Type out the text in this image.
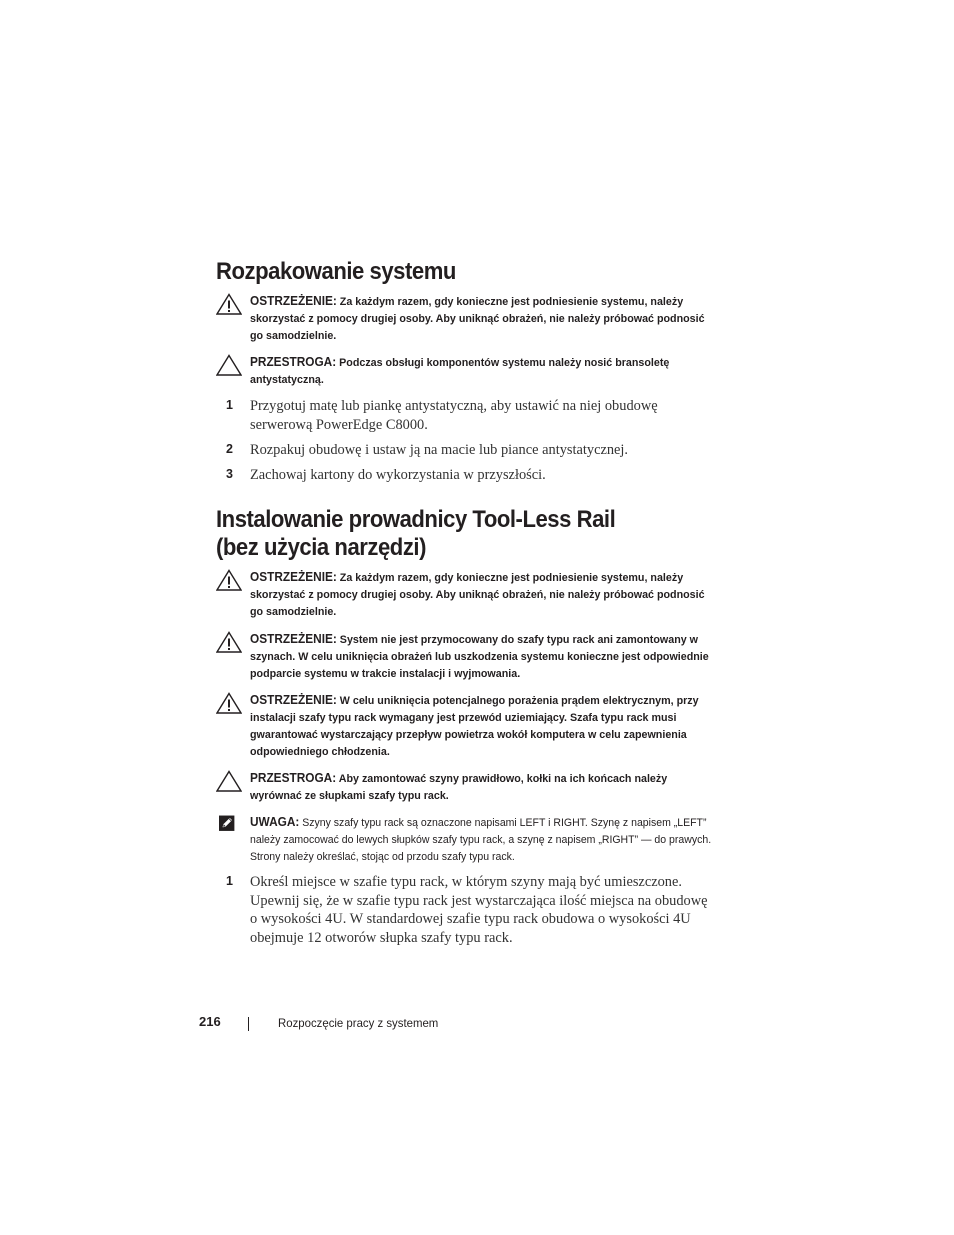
Rozpakowanie systemu
OSTRZEŻENIE: Za każdym razem, gdy konieczne jest podniesienie systemu, należy skorzystać z pomocy drugiej osoby. Aby uniknąć obrażeń, nie należy próbować podnosić go samodzielnie.
PRZESTROGA: Podczas obsługi komponentów systemu należy nosić bransoletę antystatyczną.
1 Przygotuj matę lub piankę antystatyczną, aby ustawić na niej obudowę serwerową PowerEdge C8000.
2 Rozpakuj obudowę i ustaw ją na macie lub piance antystatycznej.
3 Zachowaj kartony do wykorzystania w przyszłości.
Instalowanie prowadnicy Tool-Less Rail
(bez użycia narzędzi)
OSTRZEŻENIE: Za każdym razem, gdy konieczne jest podniesienie systemu, należy skorzystać z pomocy drugiej osoby. Aby uniknąć obrażeń, nie należy próbować podnosić go samodzielnie.
OSTRZEŻENIE: System nie jest przymocowany do szafy typu rack ani zamontowany w szynach. W celu uniknięcia obrażeń lub uszkodzenia systemu konieczne jest odpowiednie podparcie systemu w trakcie instalacji i wyjmowania.
OSTRZEŻENIE: W celu uniknięcia potencjalnego porażenia prądem elektrycznym, przy instalacji szafy typu rack wymagany jest przewód uziemiający. Szafa typu rack musi gwarantować wystarczający przepływ powietrza wokół komputera w celu zapewnienia odpowiedniego chłodzenia.
PRZESTROGA: Aby zamontować szyny prawidłowo, kołki na ich końcach należy wyrównać ze słupkami szafy typu rack.
UWAGA: Szyny szafy typu rack są oznaczone napisami LEFT i RIGHT. Szynę z napisem „LEFT” należy zamocować do lewych słupków szafy typu rack, a szynę z napisem „RIGHT” — do prawych. Strony należy określać, stojąc od przodu szafy typu rack.
1 Określ miejsce w szafie typu rack, w którym szyny mają być umieszczone. Upewnij się, że w szafie typu rack jest wystarczająca ilość miejsca na obudowę o wysokości 4U. W standardowej szafie typu rack obudowa o wysokości 4U obejmuje 12 otworów słupka szafy typu rack.
216	Rozpoczęcie pracy z systemem
